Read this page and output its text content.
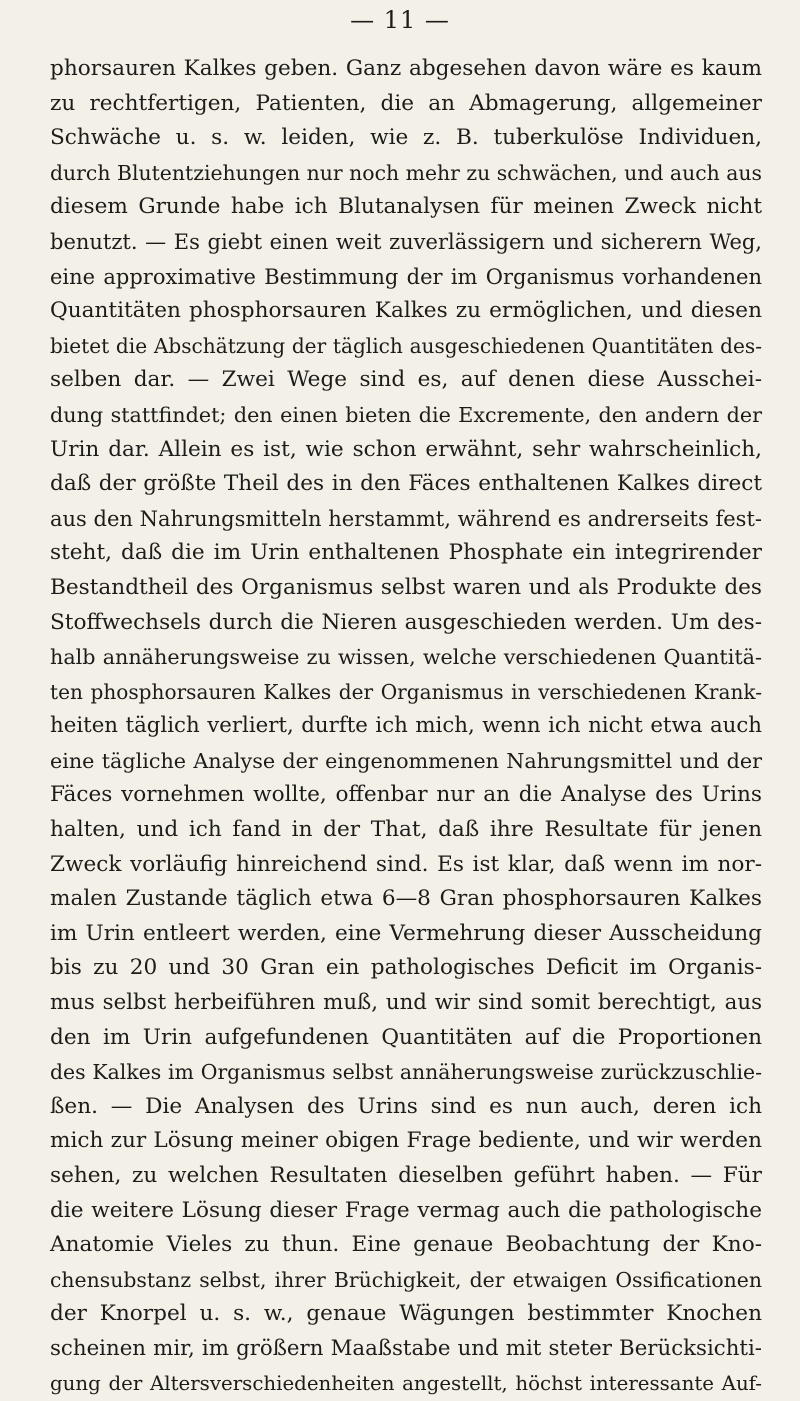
— 11 —
phorsauren Kalkes geben. Ganz abgesehen davon wäre es kaum
zu rechtfertigen, Patienten, die an Abmagerung, allgemeiner
Schwäche u. s. w. leiden, wie z. B. tuberkulöse Individuen,
durch Blutentziehungen nur noch mehr zu schwächen, und auch aus
diesem Grunde habe ich Blutanalysen für meinen Zweck nicht
benutzt. — Es giebt einen weit zuverlässigern und sicherern Weg,
eine approximative Bestimmung der im Organismus vorhandenen
Quantitäten phosphorsauren Kalkes zu ermöglichen, und diesen
bietet die Abschätzung der täglich ausgeschiedenen Quantitäten des-
selben dar. — Zwei Wege sind es, auf denen diese Ausschei-
dung stattfindet; den einen bieten die Excremente, den andern der
Urin dar. Allein es ist, wie schon erwähnt, sehr wahrscheinlich,
daß der größte Theil des in den Fäces enthaltenen Kalkes direct
aus den Nahrungsmitteln herstammt, während es andrerseits fest-
steht, daß die im Urin enthaltenen Phosphate ein integrirender
Bestandtheil des Organismus selbst waren und als Produkte des
Stoffwechsels durch die Nieren ausgeschieden werden. Um des-
halb annäherungsweise zu wissen, welche verschiedenen Quantitä-
ten phosphorsauren Kalkes der Organismus in verschiedenen Krank-
heiten täglich verliert, durfte ich mich, wenn ich nicht etwa auch
eine tägliche Analyse der eingenommenen Nahrungsmittel und der
Fäces vornehmen wollte, offenbar nur an die Analyse des Urins
halten, und ich fand in der That, daß ihre Resultate für jenen
Zweck vorläufig hinreichend sind. Es ist klar, daß wenn im nor-
malen Zustande täglich etwa 6—8 Gran phosphorsauren Kalkes
im Urin entleert werden, eine Vermehrung dieser Ausscheidung
bis zu 20 und 30 Gran ein pathologisches Deficit im Organis-
mus selbst herbeiführen muß, und wir sind somit berechtigt, aus
den im Urin aufgefundenen Quantitäten auf die Proportionen
des Kalkes im Organismus selbst annäherungsweise zurückzuschlie-
ßen. — Die Analysen des Urins sind es nun auch, deren ich
mich zur Lösung meiner obigen Frage bediente, und wir werden
sehen, zu welchen Resultaten dieselben geführt haben. — Für
die weitere Lösung dieser Frage vermag auch die pathologische
Anatomie Vieles zu thun. Eine genaue Beobachtung der Kno-
chensubstanz selbst, ihrer Brüchigkeit, der etwaigen Ossificationen
der Knorpel u. s. w., genaue Wägungen bestimmter Knochen
scheinen mir, im größern Maaßstabe und mit steter Berücksichti-
gung der Altersverschiedenheiten angestellt, höchst interessante Auf-
